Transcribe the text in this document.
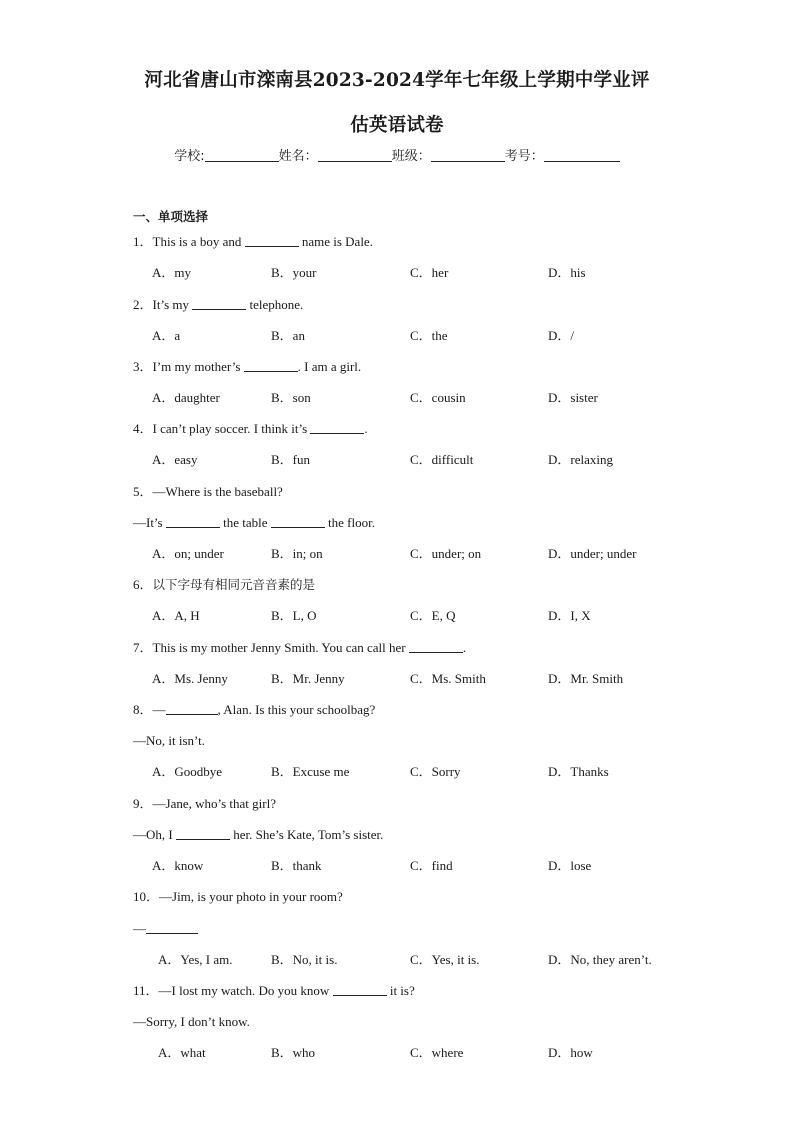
河北省唐山市滦南县2023-2024学年七年级上学期中学业评
估英语试卷
学校:	姓名：	班级：	考号：
一、单项选择
1．This is a boy and	name is Dale.
A．my	B．your	C．her	D．his
2．It’s my	telephone.
A．a	B．an	C．the	D．/
3．I’m my mother’s	. I am a girl.
A．daughter	B．son	C．cousin	D．sister
4．I can’t play soccer. I think it’s	.
A．easy	B．fun	C．difficult	D．relaxing
5．—Where is the baseball?
—It’s	the table	the floor.
A．on; under	B．in; on	C．under; on	D．under; under
6．以下字母有相同元音音素的是
A．A, H	B．L, O	C．E, Q	D．I, X
7．This is my mother Jenny Smith. You can call her	.
A．Ms. Jenny	B．Mr. Jenny	C．Ms. Smith	D．Mr. Smith
8．—	, Alan. Is this your schoolbag?
—No, it isn’t.
A．Goodbye	B．Excuse me	C．Sorry	D．Thanks
9．—Jane, who’s that girl?
—Oh, I	her. She’s Kate, Tom’s sister.
A．know	B．thank	C．find	D．lose
10．—Jim, is your photo in your room?
—
A．Yes, I am.	B．No, it is.	C．Yes, it is.	D．No, they aren’t.
11．—I lost my watch. Do you know	it is?
—Sorry, I don’t know.
A．what	B．who	C．where	D．how
